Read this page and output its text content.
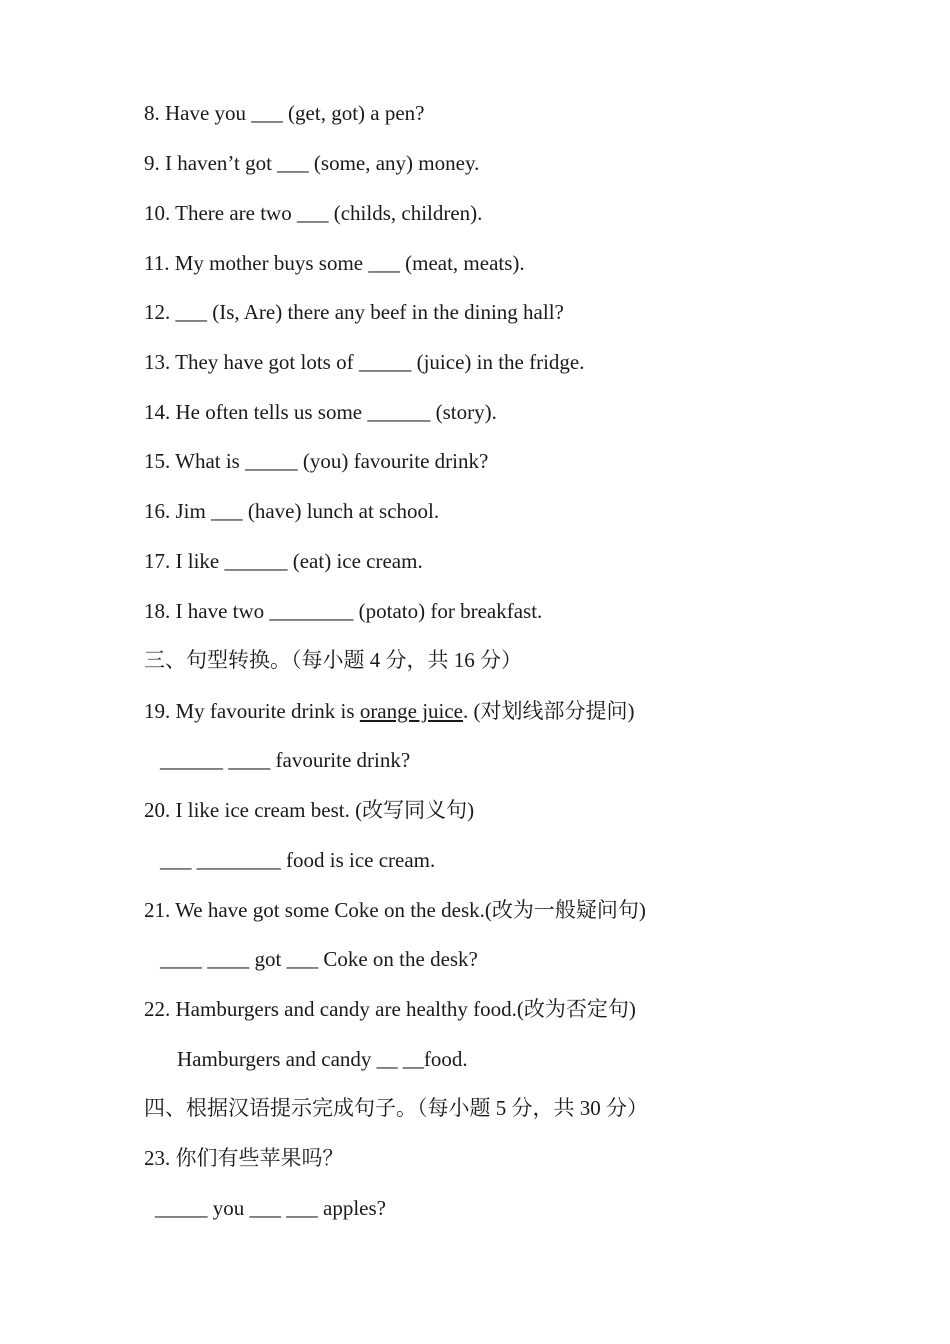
8. Have you ___ (get, got) a pen?
9. I haven’t got ___ (some, any) money.
10. There are two ___ (childs, children).
11. My mother buys some ___ (meat, meats).
12. ___ (Is, Are) there any beef in the dining hall?
13. They have got lots of _____ (juice) in the fridge.
14. He often tells us some ______ (story).
15. What is _____ (you) favourite drink?
16. Jim ___ (have) lunch at school.
17. I like ______ (eat) ice cream.
18. I have two ________ (potato) for breakfast.
三、句型转换。（每小题 4 分，共 16 分）
19. My favourite drink is orange juice. (对划线部分提问)
______ ____ favourite drink?
20. I like ice cream best. (改写同义句)
___ ________ food is ice cream.
21. We have got some Coke on the desk.(改为一般疑问句)
____ ____ got ___ Coke on the desk?
22. Hamburgers and candy are healthy food.(改为否定句)
Hamburgers and candy __ __food.
四、根据汉语提示完成句子。（每小题 5 分，共 30 分）
23. 你们有些苹果吗？
_____ you ___ ___ apples?
